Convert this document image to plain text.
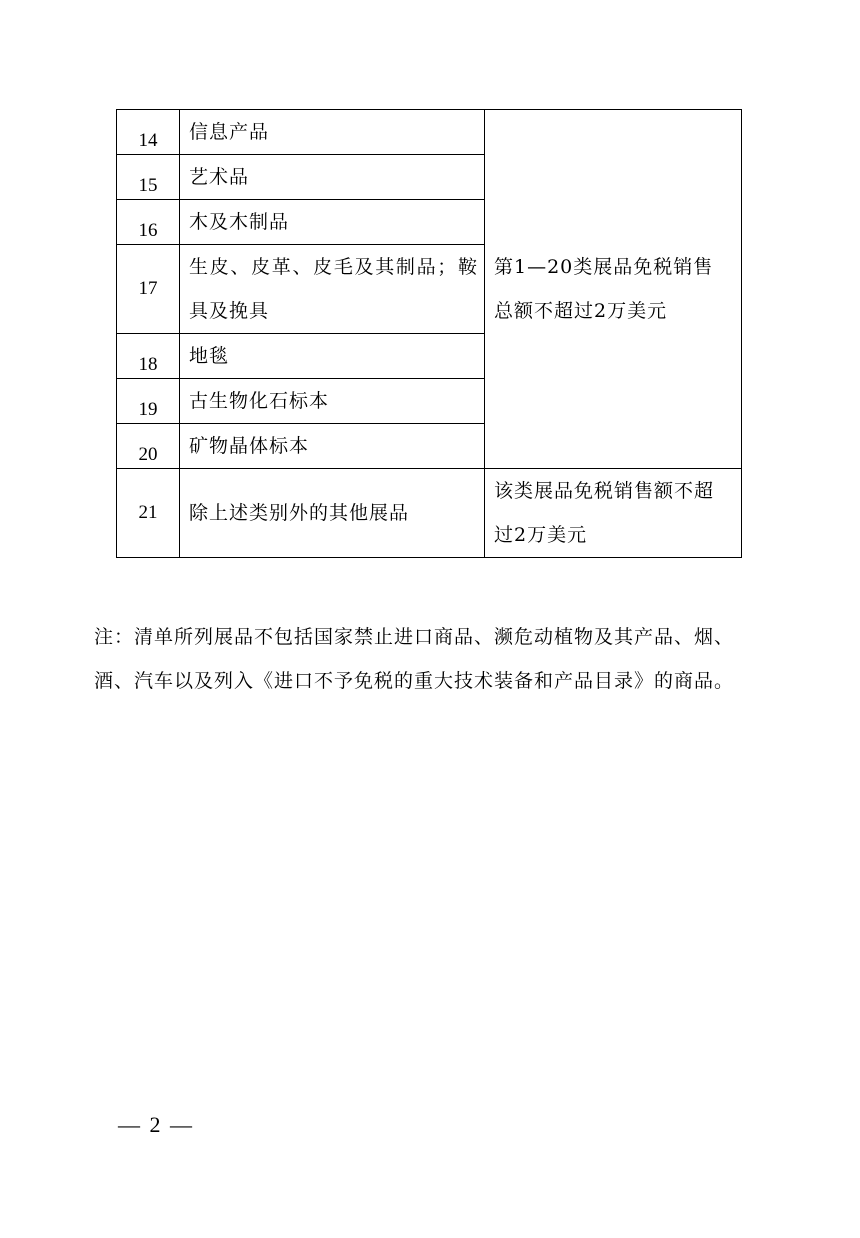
14	信息产品	第1—20类展品免税销售总额不超过2万美元
15	艺术品	
16	木及木制品	
17	生皮、皮革、皮毛及其制品；鞍具及挽具	
18	地毯	
19	古生物化石标本	
20	矿物晶体标本	
21	除上述类别外的其他展品	该类展品免税销售额不超过2万美元

注：清单所列展品不包括国家禁止进口商品、濒危动植物及其产品、烟、酒、汽车以及列入《进口不予免税的重大技术装备和产品目录》的商品。

— 2 —
